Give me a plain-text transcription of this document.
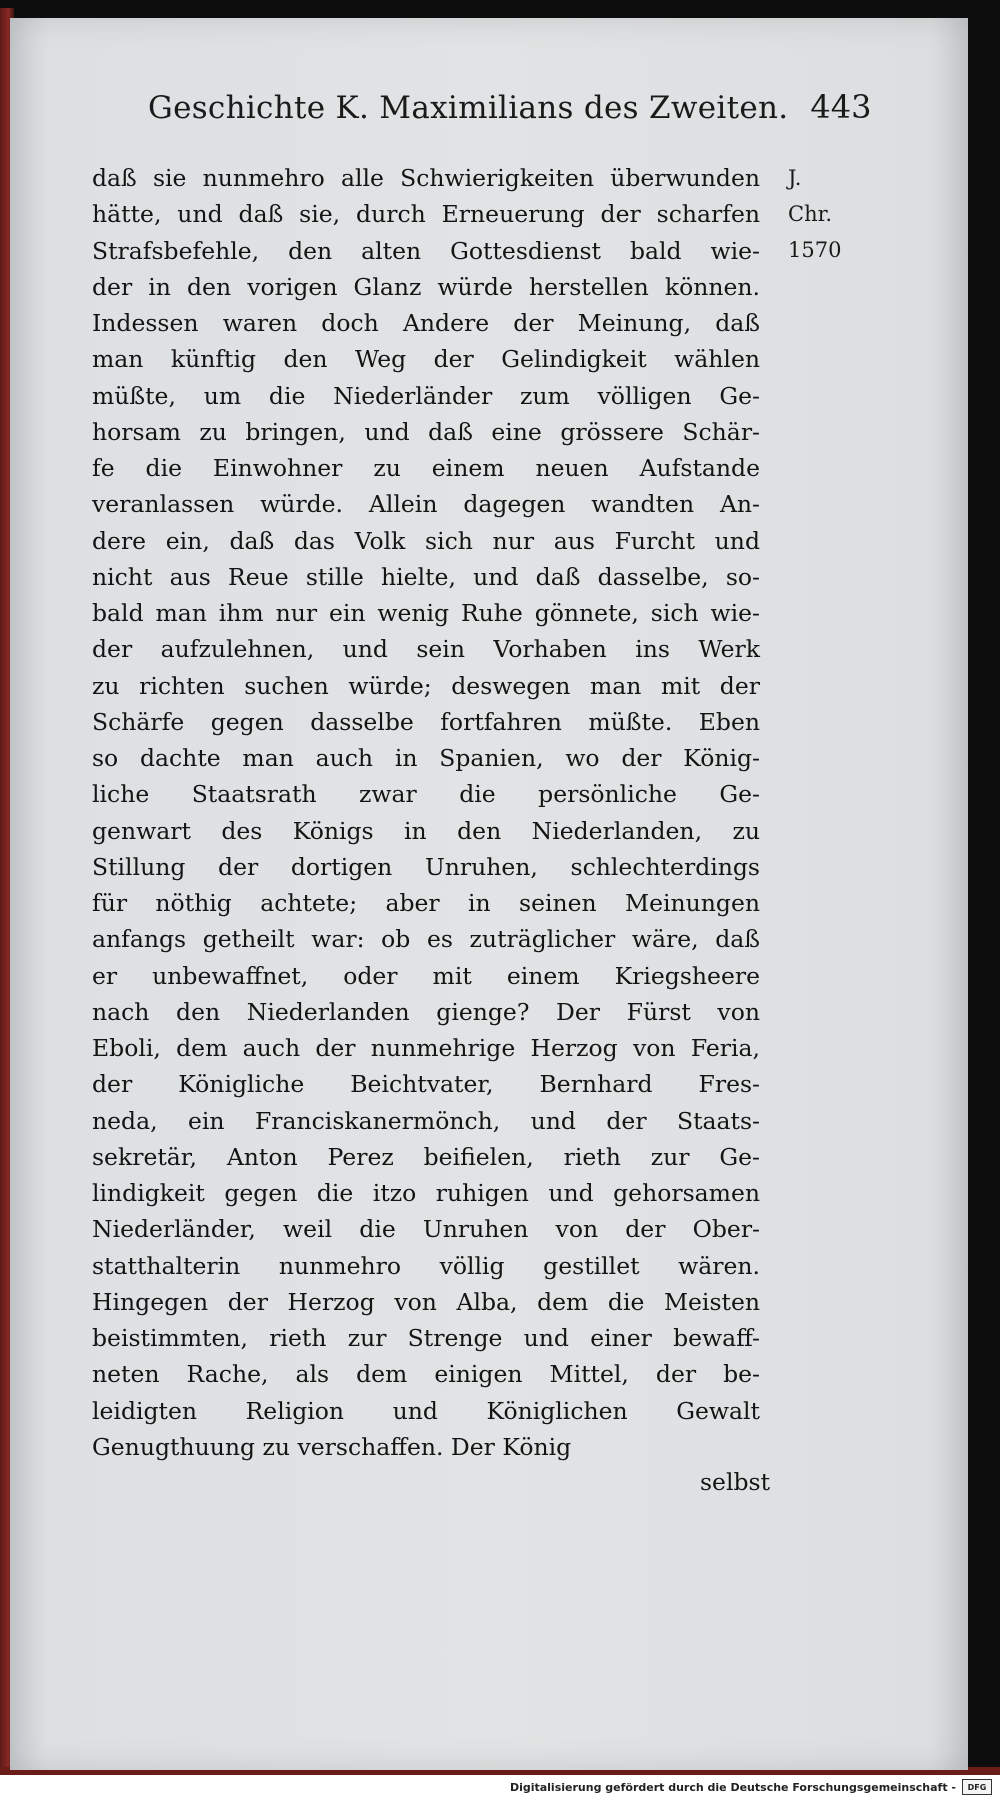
Geschichte K. Maximilians des Zweiten. 443
J. Chr.
1570
daß sie nunmehro alle Schwierigkeiten überwunden
hätte, und daß sie, durch Erneuerung der scharfen
Strafsbefehle, den alten Gottesdienst bald wie-
der in den vorigen Glanz würde herstellen können.
Indessen waren doch Andere der Meinung, daß
man künftig den Weg der Gelindigkeit wählen
müßte, um die Niederländer zum völligen Ge-
horsam zu bringen, und daß eine grössere Schär-
fe die Einwohner zu einem neuen Aufstande
veranlassen würde. Allein dagegen wandten An-
dere ein, daß das Volk sich nur aus Furcht und
nicht aus Reue stille hielte, und daß dasselbe, so-
bald man ihm nur ein wenig Ruhe gönnete, sich wie-
der aufzulehnen, und sein Vorhaben ins Werk
zu richten suchen würde; deswegen man mit der
Schärfe gegen dasselbe fortfahren müßte. Eben
so dachte man auch in Spanien, wo der König-
liche Staatsrath zwar die persönliche Ge-
genwart des Königs in den Niederlanden, zu
Stillung der dortigen Unruhen, schlechterdings
für nöthig achtete; aber in seinen Meinungen
anfangs getheilt war: ob es zuträglicher wäre, daß
er unbewaffnet, oder mit einem Kriegsheere
nach den Niederlanden gienge? Der Fürst von
Eboli, dem auch der nunmehrige Herzog von Feria,
der Königliche Beichtvater, Bernhard Fres-
neda, ein Franciskanermönch, und der Staats-
sekretär, Anton Perez beifielen, rieth zur Ge-
lindigkeit gegen die itzo ruhigen und gehorsamen
Niederländer, weil die Unruhen von der Ober-
statthalterin nunmehro völlig gestillet wären.
Hingegen der Herzog von Alba, dem die Meisten
beistimmten, rieth zur Strenge und einer bewaff-
neten Rache, als dem einigen Mittel, der be-
leidigten Religion und Königlichen Gewalt
Genugthuung zu verschaffen. Der König
selbst
Digitalisierung gefördert durch die Deutsche Forschungsgemeinschaft -	DFG
